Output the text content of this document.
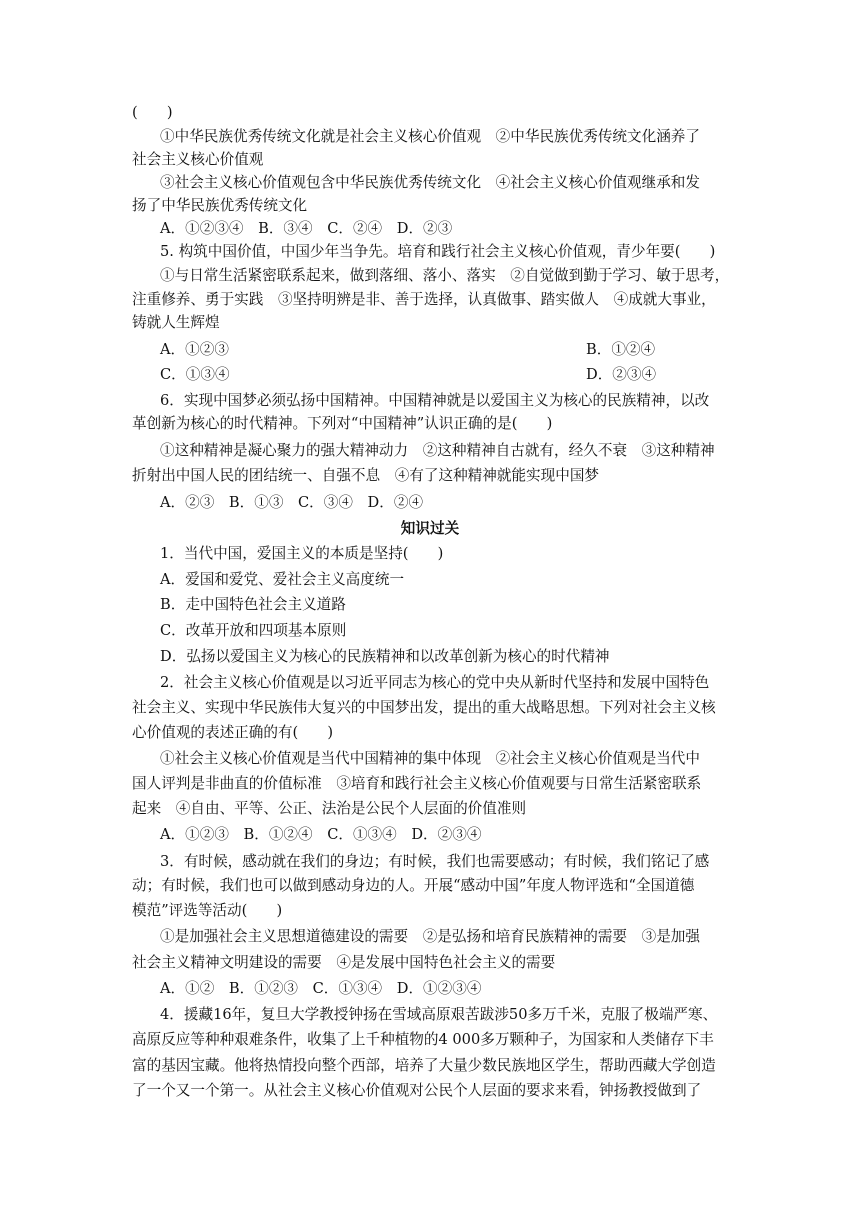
(　　)
①中华民族优秀传统文化就是社会主义核心价值观　②中华民族优秀传统文化涵养了
社会主义核心价值观
③社会主义核心价值观包含中华民族优秀传统文化　④社会主义核心价值观继承和发
扬了中华民族优秀传统文化
A．①②③④　B．③④　C．②④　D．②③
5. 构筑中国价值，中国少年当争先。培育和践行社会主义核心价值观，青少年要(　　)
①与日常生活紧密联系起来，做到落细、落小、落实　②自觉做到勤于学习、敏于思考，
注重修养、勇于实践　③坚持明辨是非、善于选择，认真做事、踏实做人　④成就大事业，
铸就人生辉煌
A．①②③	B．①②④
C．①③④	D．②③④
6．实现中国梦必须弘扬中国精神。中国精神就是以爱国主义为核心的民族精神，以改
革创新为核心的时代精神。下列对“中国精神”认识正确的是(　　)
①这种精神是凝心聚力的强大精神动力　②这种精神自古就有，经久不衰　③这种精神
折射出中国人民的团结统一、自强不息　④有了这种精神就能实现中国梦
A．②③　B．①③　C．③④　D．②④
知识过关
1．当代中国，爱国主义的本质是坚持(　　)
A．爱国和爱党、爱社会主义高度统一
B．走中国特色社会主义道路
C．改革开放和四项基本原则
D．弘扬以爱国主义为核心的民族精神和以改革创新为核心的时代精神
2．社会主义核心价值观是以习近平同志为核心的党中央从新时代坚持和发展中国特色
社会主义、实现中华民族伟大复兴的中国梦出发，提出的重大战略思想。下列对社会主义核
心价值观的表述正确的有(　　)
①社会主义核心价值观是当代中国精神的集中体现　②社会主义核心价值观是当代中
国人评判是非曲直的价值标准　③培育和践行社会主义核心价值观要与日常生活紧密联系
起来　④自由、平等、公正、法治是公民个人层面的价值准则
A．①②③　B．①②④　C．①③④　D．②③④
3．有时候，感动就在我们的身边；有时候，我们也需要感动；有时候，我们铭记了感
动；有时候，我们也可以做到感动身边的人。开展“感动中国”年度人物评选和“全国道德
模范”评选等活动(　　)
①是加强社会主义思想道德建设的需要　②是弘扬和培育民族精神的需要　③是加强
社会主义精神文明建设的需要　④是发展中国特色社会主义的需要
A．①②　B．①②③　C．①③④　D．①②③④
4．援藏16年，复旦大学教授钟扬在雪域高原艰苦跋涉50多万千米，克服了极端严寒、
高原反应等种种艰难条件，收集了上千种植物的4 000多万颗种子，为国家和人类储存下丰
富的基因宝藏。他将热情投向整个西部，培养了大量少数民族地区学生，帮助西藏大学创造
了一个又一个第一。从社会主义核心价值观对公民个人层面的要求来看，钟扬教授做到了
